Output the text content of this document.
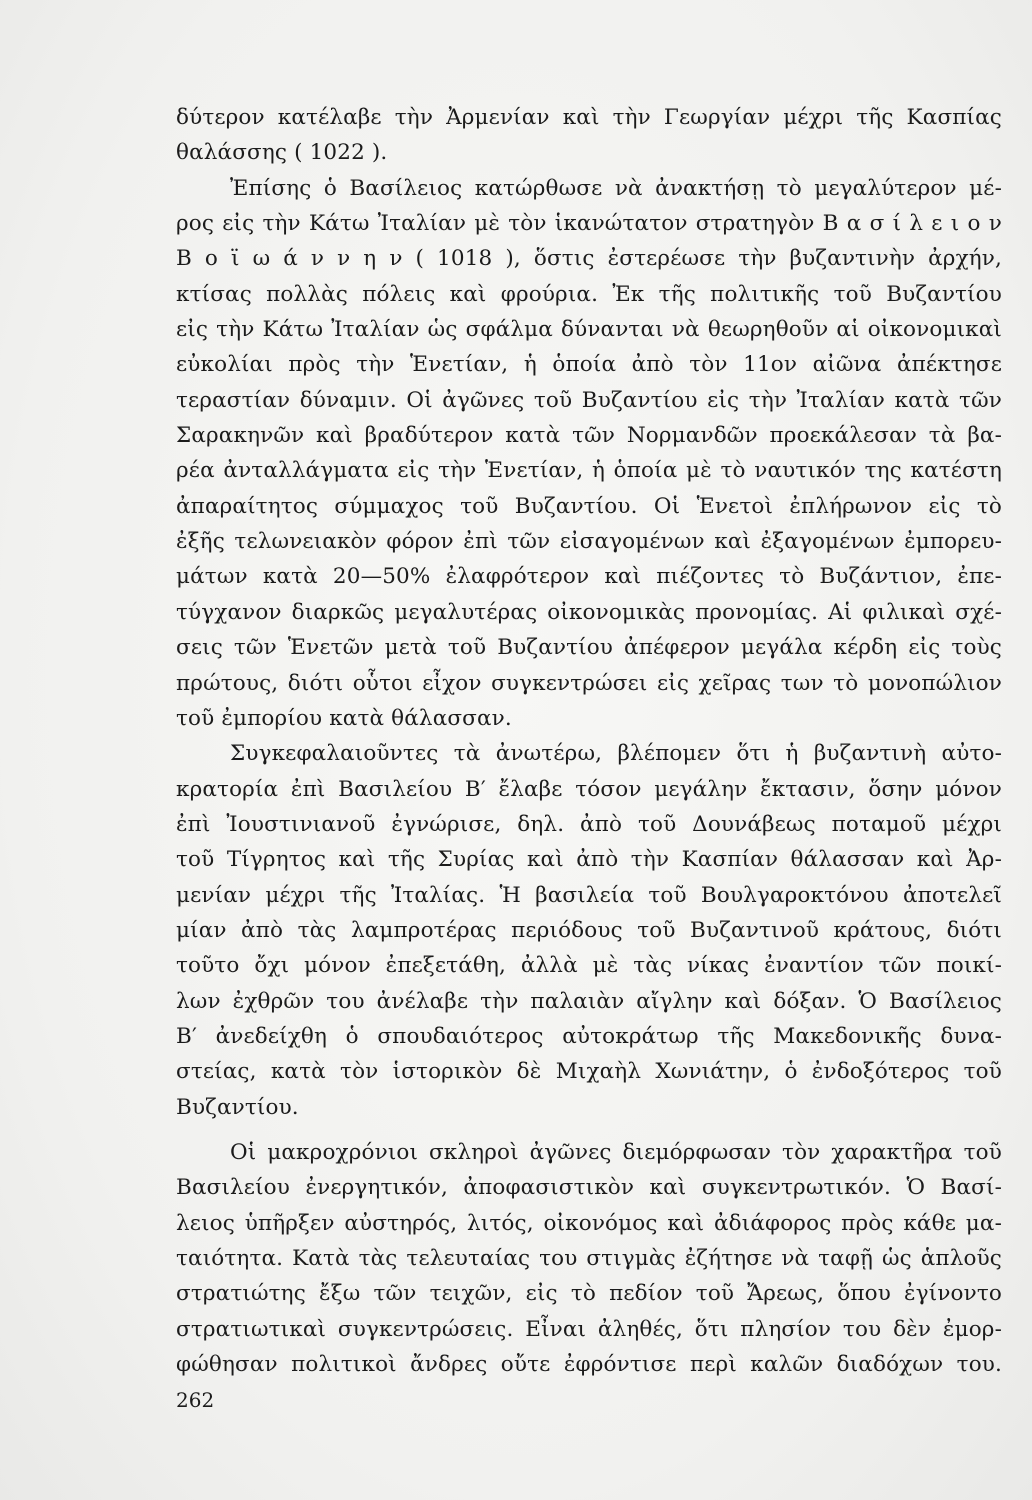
δύτερον κατέλαβε τὴν Ἀρμενίαν καὶ τὴν Γεωργίαν μέχρι τῆς Κασπίας
θαλάσσης ( 1022 ).
Ἐπίσης ὁ Βασίλειος κατώρθωσε νὰ ἀνακτήσῃ τὸ μεγαλύτερον μέ-
ρος εἰς τὴν Κάτω Ἰταλίαν μὲ τὸν ἱκανώτατον στρατηγὸν Β α σ ί λ ε ι ο ν
Β ο ϊ ω ά ν ν η ν ( 1018 ), ὅστις ἐστερέωσε τὴν βυζαντινὴν ἀρχήν,
κτίσας πολλὰς πόλεις καὶ φρούρια. Ἐκ τῆς πολιτικῆς τοῦ Βυζαντίου
εἰς τὴν Κάτω Ἰταλίαν ὡς σφάλμα δύνανται νὰ θεωρηθοῦν αἱ οἰκονομικαὶ
εὐκολίαι πρὸς τὴν Ἑνετίαν, ἡ ὁποία ἀπὸ τὸν 11ον αἰῶνα ἀπέκτησε
τεραστίαν δύναμιν. Οἱ ἀγῶνες τοῦ Βυζαντίου εἰς τὴν Ἰταλίαν κατὰ τῶν
Σαρακηνῶν καὶ βραδύτερον κατὰ τῶν Νορμανδῶν προεκάλεσαν τὰ βα-
ρέα ἀνταλλάγματα εἰς τὴν Ἑνετίαν, ἡ ὁποία μὲ τὸ ναυτικόν της κατέστη
ἀπαραίτητος σύμμαχος τοῦ Βυζαντίου. Οἱ Ἑνετοὶ ἐπλήρωνον εἰς τὸ
ἐξῆς τελωνειακὸν φόρον ἐπὶ τῶν εἰσαγομένων καὶ ἐξαγομένων ἐμπορευ-
μάτων κατὰ 20—50% ἐλαφρότερον καὶ πιέζοντες τὸ Βυζάντιον, ἐπε-
τύγχανον διαρκῶς μεγαλυτέρας οἰκονομικὰς προνομίας. Αἱ φιλικαὶ σχέ-
σεις τῶν Ἑνετῶν μετὰ τοῦ Βυζαντίου ἀπέφερον μεγάλα κέρδη εἰς τοὺς
πρώτους, διότι οὗτοι εἶχον συγκεντρώσει εἰς χεῖρας των τὸ μονοπώλιον
τοῦ ἐμπορίου κατὰ θάλασσαν.
Συγκεφαλαιοῦντες τὰ ἀνωτέρω, βλέπομεν ὅτι ἡ βυζαντινὴ αὐτο-
κρατορία ἐπὶ Βασιλείου Β′ ἔλαβε τόσον μεγάλην ἔκτασιν, ὅσην μόνον
ἐπὶ Ἰουστινιανοῦ ἐγνώρισε, δηλ. ἀπὸ τοῦ Δουνάβεως ποταμοῦ μέχρι
τοῦ Τίγρητος καὶ τῆς Συρίας καὶ ἀπὸ τὴν Κασπίαν θάλασσαν καὶ Ἀρ-
μενίαν μέχρι τῆς Ἰταλίας. Ἡ βασιλεία τοῦ Βουλγαροκτόνου ἀποτελεῖ
μίαν ἀπὸ τὰς λαμπροτέρας περιόδους τοῦ Βυζαντινοῦ κράτους, διότι
τοῦτο ὄχι μόνον ἐπεξετάθη, ἀλλὰ μὲ τὰς νίκας ἐναντίον τῶν ποικί-
λων ἐχθρῶν του ἀνέλαβε τὴν παλαιὰν αἴγλην καὶ δόξαν. Ὁ Βασίλειος
Β′ ἀνεδείχθη ὁ σπουδαιότερος αὐτοκράτωρ τῆς Μακεδονικῆς δυνα-
στείας, κατὰ τὸν ἱστορικὸν δὲ Μιχαὴλ Χωνιάτην, ὁ ἐνδοξότερος τοῦ
Βυζαντίου.
Οἱ μακροχρόνιοι σκληροὶ ἀγῶνες διεμόρφωσαν τὸν χαρακτῆρα τοῦ
Βασιλείου ἐνεργητικόν, ἀποφασιστικὸν καὶ συγκεντρωτικόν. Ὁ Βασί-
λειος ὑπῆρξεν αὐστηρός, λιτός, οἰκονόμος καὶ ἀδιάφορος πρὸς κάθε μα-
ταιότητα. Κατὰ τὰς τελευταίας του στιγμὰς ἐζήτησε νὰ ταφῇ ὡς ἁπλοῦς
στρατιώτης ἔξω τῶν τειχῶν, εἰς τὸ πεδίον τοῦ Ἄρεως, ὅπου ἐγίνοντο
στρατιωτικαὶ συγκεντρώσεις. Εἶναι ἀληθές, ὅτι πλησίον του δὲν ἐμορ-
φώθησαν πολιτικοὶ ἄνδρες οὔτε ἐφρόντισε περὶ καλῶν διαδόχων του.
262
